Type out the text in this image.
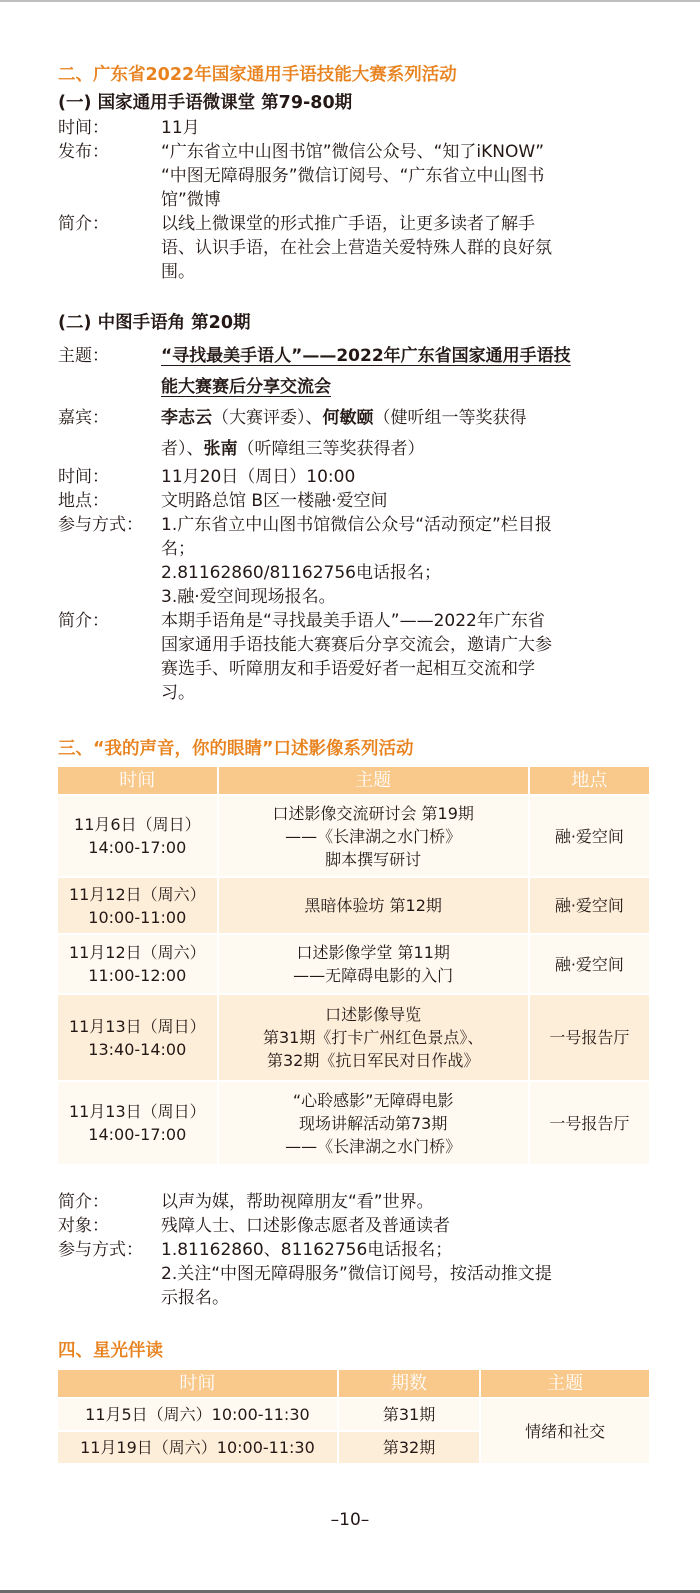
二、广东省2022年国家通用手语技能大赛系列活动
(一) 国家通用手语微课堂 第79-80期
时间：	11月
发布：	“广东省立中山图书馆”微信公众号、“知了iKNOW”
“中图无障碍服务”微信订阅号、“广东省立中山图书
馆”微博
简介：	以线上微课堂的形式推广手语，让更多读者了解手
语、认识手语，在社会上营造关爱特殊人群的良好氛
围。
(二) 中图手语角 第20期
主题：	“寻找最美手语人”——2022年广东省国家通用手语技
能大赛赛后分享交流会
嘉宾：	李志云（大赛评委）、何敏颐（健听组一等奖获得
者）、张南（听障组三等奖获得者）
时间：	11月20日（周日）10:00
地点：	文明路总馆 B区一楼融·爱空间
参与方式：	1.广东省立中山图书馆微信公众号“活动预定”栏目报
名；
2.81162860/81162756电话报名；
3.融·爱空间现场报名。
简介：	本期手语角是“寻找最美手语人”——2022年广东省
国家通用手语技能大赛赛后分享交流会，邀请广大参
赛选手、听障朋友和手语爱好者一起相互交流和学
习。
三、“我的声音，你的眼睛”口述影像系列活动
时间	主题	地点

11月6日（周日）
14:00-17:00	口述影像交流研讨会 第19期
——《长津湖之水门桥》
脚本撰写研讨	融·爱空间

11月12日（周六）
10:00-11:00	黑暗体验坊 第12期	融·爱空间

11月12日（周六）
11:00-12:00	口述影像学堂 第11期
——无障碍电影的入门	融·爱空间

11月13日（周日）
13:40-14:00	口述影像导览
第31期《打卡广州红色景点》、
第32期《抗日军民对日作战》	一号报告厅

11月13日（周日）
14:00-17:00	“心聆感影”无障碍电影
现场讲解活动第73期
——《长津湖之水门桥》	一号报告厅
简介：	以声为媒，帮助视障朋友“看”世界。
对象：	残障人士、口述影像志愿者及普通读者
参与方式：	1.81162860、81162756电话报名；
2.关注“中图无障碍服务”微信订阅号，按活动推文提
示报名。
四、星光伴读
时间	期数	主题
11月5日（周六）10:00-11:30	第31期	情绪和社交
11月19日（周六）10:00-11:30	第32期	
–10–
